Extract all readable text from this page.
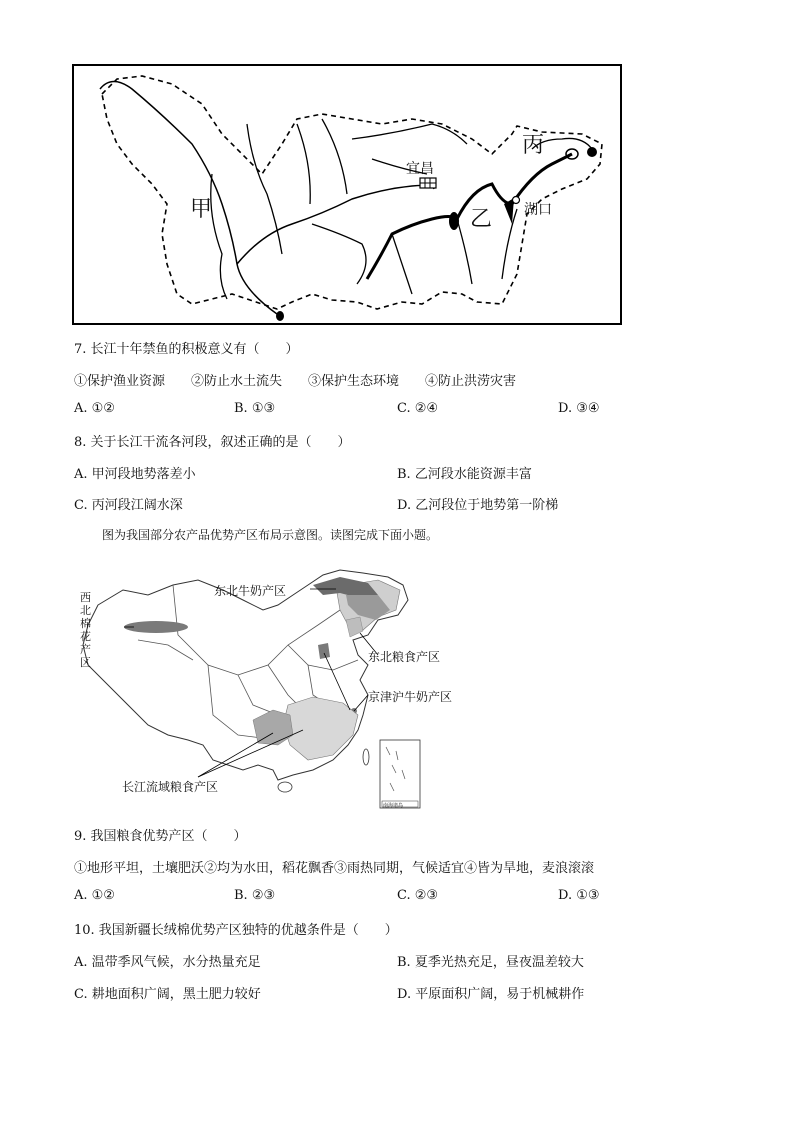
甲	乙
丙
宜昌
湖口
7. 长江十年禁鱼的积极意义有（　　）
①保护渔业资源　　②防止水土流失　　③保护生态环境　　④防止洪涝灾害
A. ①②	B. ①③	C. ②④	D. ③④
8. 关于长江干流各河段，叙述正确的是（　　）
A. 甲河段地势落差小	B. 乙河段水能资源丰富
C. 丙河段江阔水深	D. 乙河段位于地势第一阶梯
图为我国部分农产品优势产区布局示意图。读图完成下面小题。
西北棉花产区
东北牛奶产区
东北粮食产区
京津沪牛奶产区
长江流域粮食产区
南海诸岛
9. 我国粮食优势产区（　　）
①地形平坦，土壤肥沃②均为水田，稻花飘香③雨热同期，气候适宜④皆为旱地，麦浪滚滚
A. ①②	B. ②③	C. ②③	D. ①③
10. 我国新疆长绒棉优势产区独特的优越条件是（　　）
A. 温带季风气候，水分热量充足	B. 夏季光热充足，昼夜温差较大
C. 耕地面积广阔，黑土肥力较好	D. 平原面积广阔，易于机械耕作
